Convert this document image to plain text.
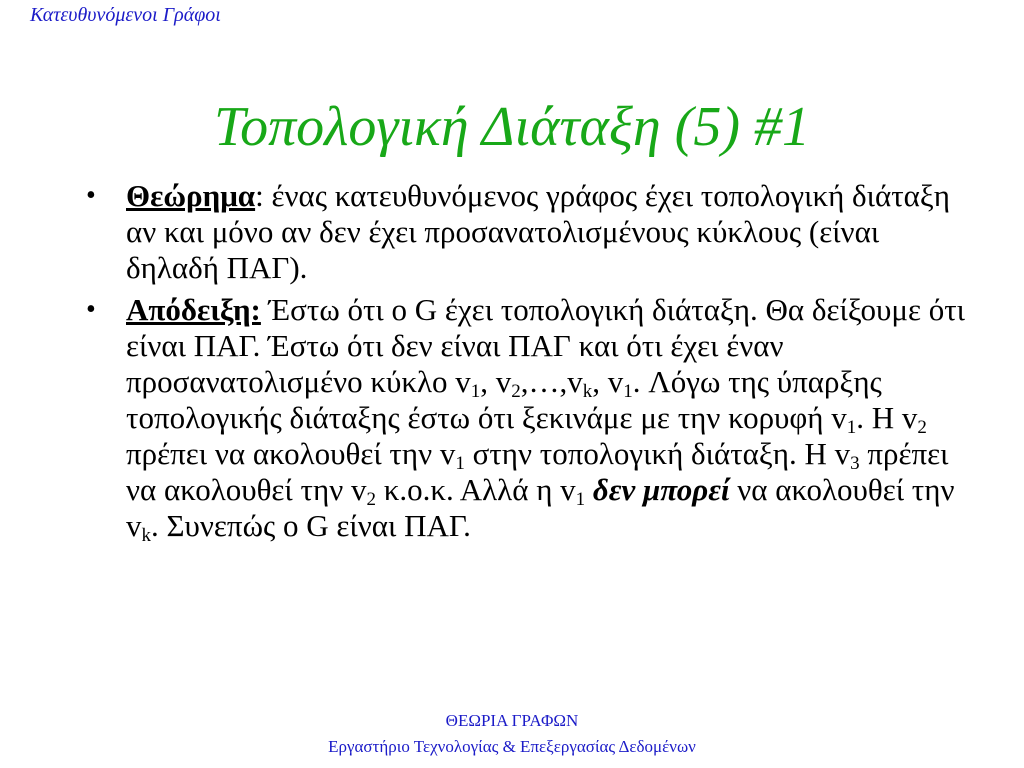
Κατευθυνόμενοι Γράφοι
Τοπολογική Διάταξη (5) #1
• Θεώρημα: ένας κατευθυνόμενος γράφος έχει τοπολογική διάταξη αν και μόνο αν δεν έχει προσανατολισμένους κύκλους (είναι δηλαδή ΠΑΓ).
• Απόδειξη: Έστω ότι ο G έχει τοπολογική διάταξη. Θα δείξουμε ότι είναι ΠΑΓ. Έστω ότι δεν είναι ΠΑΓ και ότι έχει έναν προσανατολισμένο κύκλο $v_1$, $v_2,\dots,v_k$, $v_1$. Λόγω της ύπαρξης τοπολογικής διάταξης έστω ότι ξεκινάμε με την κορυφή $v_1$. Η $v_2$ πρέπει να ακολουθεί την $v_1$ στην τοπολογική διάταξη. Η $v_3$ πρέπει να ακολουθεί την $v_2$ κ.ο.κ. Αλλά η $v_1$ δεν μπορεί να ακολουθεί την $v_k$. Συνεπώς ο G είναι ΠΑΓ.
ΘΕΩΡΙΑ ΓΡΑΦΩΝ
Εργαστήριο Τεχνολογίας & Επεξεργασίας Δεδομένων
